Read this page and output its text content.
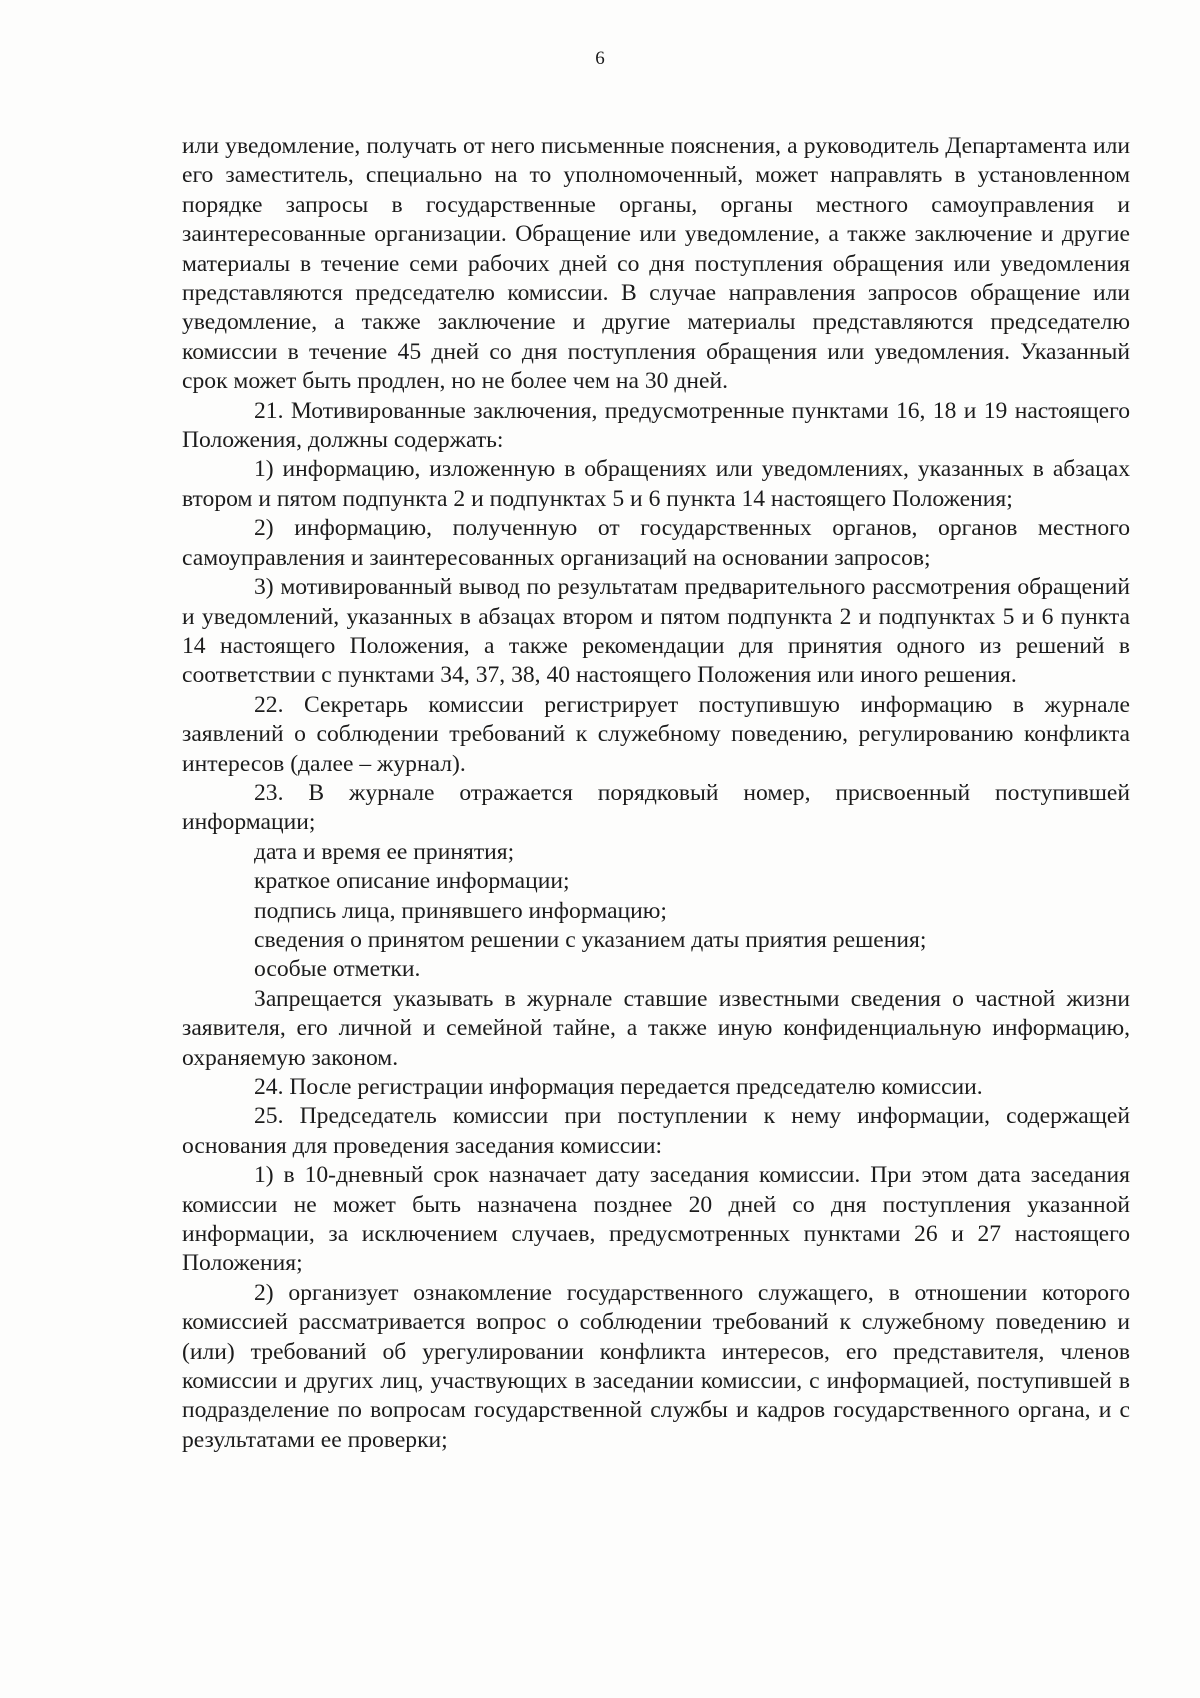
6

или уведомление, получать от него письменные пояснения, а руководитель Департамента или его заместитель, специально на то уполномоченный, может направлять в установленном порядке запросы в государственные органы, органы местного самоуправления и заинтересованные организации. Обращение или уведомление, а также заключение и другие материалы в течение семи рабочих дней со дня поступления обращения или уведомления представляются председателю комиссии. В случае направления запросов обращение или уведомление, а также заключение и другие материалы представляются председателю комиссии в течение 45 дней со дня поступления обращения или уведомления. Указанный срок может быть продлен, но не более чем на 30 дней.

21. Мотивированные заключения, предусмотренные пунктами 16, 18 и 19 настоящего Положения, должны содержать:

1) информацию, изложенную в обращениях или уведомлениях, указанных в абзацах втором и пятом подпункта 2 и подпунктах 5 и 6 пункта 14 настоящего Положения;

2) информацию, полученную от государственных органов, органов местного самоуправления и заинтересованных организаций на основании запросов;

3) мотивированный вывод по результатам предварительного рассмотрения обращений и уведомлений, указанных в абзацах втором и пятом подпункта 2 и подпунктах 5 и 6 пункта 14 настоящего Положения, а также рекомендации для принятия одного из решений в соответствии с пунктами 34, 37, 38, 40 настоящего Положения или иного решения.

22. Секретарь комиссии регистрирует поступившую информацию в журнале заявлений о соблюдении требований к служебному поведению, регулированию конфликта интересов (далее – журнал).

23. В журнале отражается порядковый номер, присвоенный поступившей информации;

дата и время ее принятия;

краткое описание информации;

подпись лица, принявшего информацию;

сведения о принятом решении с указанием даты приятия решения;

особые отметки.

Запрещается указывать в журнале ставшие известными сведения о частной жизни заявителя, его личной и семейной тайне, а также иную конфиденциальную информацию, охраняемую законом.

24. После регистрации информация передается председателю комиссии.

25. Председатель комиссии при поступлении к нему информации, содержащей основания для проведения заседания комиссии:

1) в 10-дневный срок назначает дату заседания комиссии. При этом дата заседания комиссии не может быть назначена позднее 20 дней со дня поступления указанной информации, за исключением случаев, предусмотренных пунктами 26 и 27 настоящего Положения;

2) организует ознакомление государственного служащего, в отношении которого комиссией рассматривается вопрос о соблюдении требований к служебному поведению и (или) требований об урегулировании конфликта интересов, его представителя, членов комиссии и других лиц, участвующих в заседании комиссии, с информацией, поступившей в подразделение по вопросам государственной службы и кадров государственного органа, и с результатами ее проверки;
